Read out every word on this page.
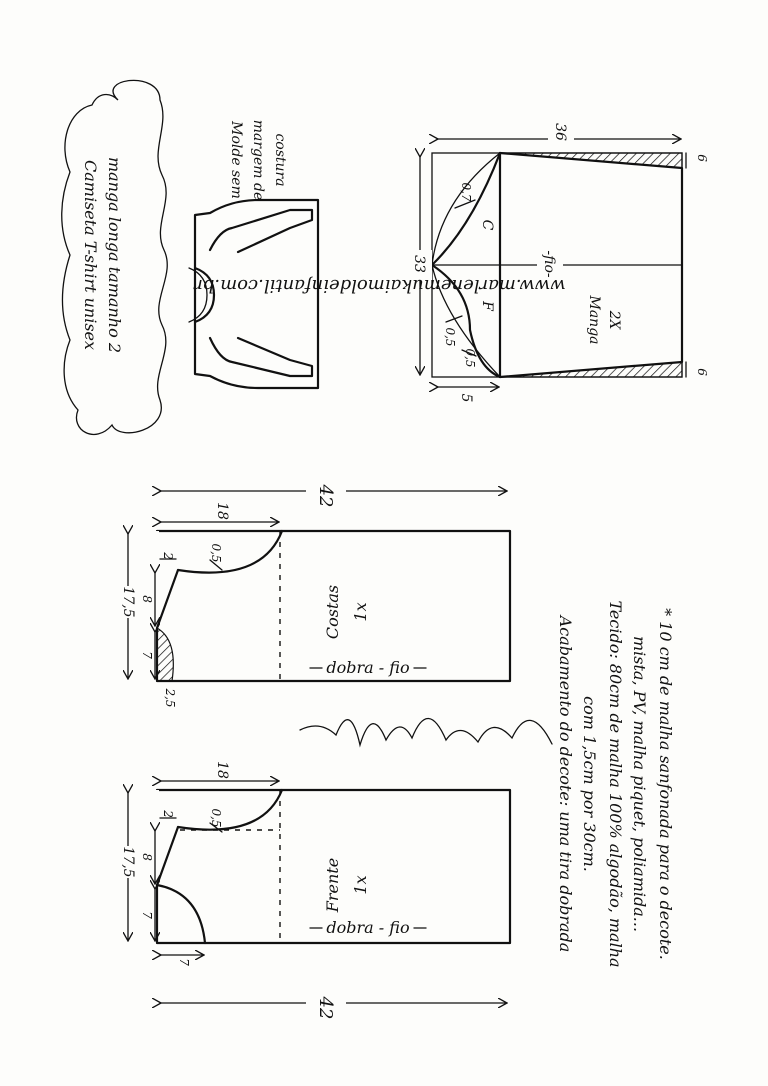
Frente 1x
dobra - fio
42
18
17,5 8
7
2
7
0,5
Costas 1x
dobra - fio
42
18
17,5 8
7
2
2,5
0,5
C
F
-fio-
Manga 2X
36
33
5
6
6
0,7
0,5
0,5
Camiseta T-shirt unisex manga longa tamanho 2	Molde sem margem de costura
www.marlenemukaimoldeinfantil.com.br
Acabamento do decote: uma tira dobrada com 1,5cm por 30cm. Tecido: 80cm de malha 100% algodão, malha mista, PV, malha piquet, poliamida... * 10 cm de malha sanfonada para o decote.
